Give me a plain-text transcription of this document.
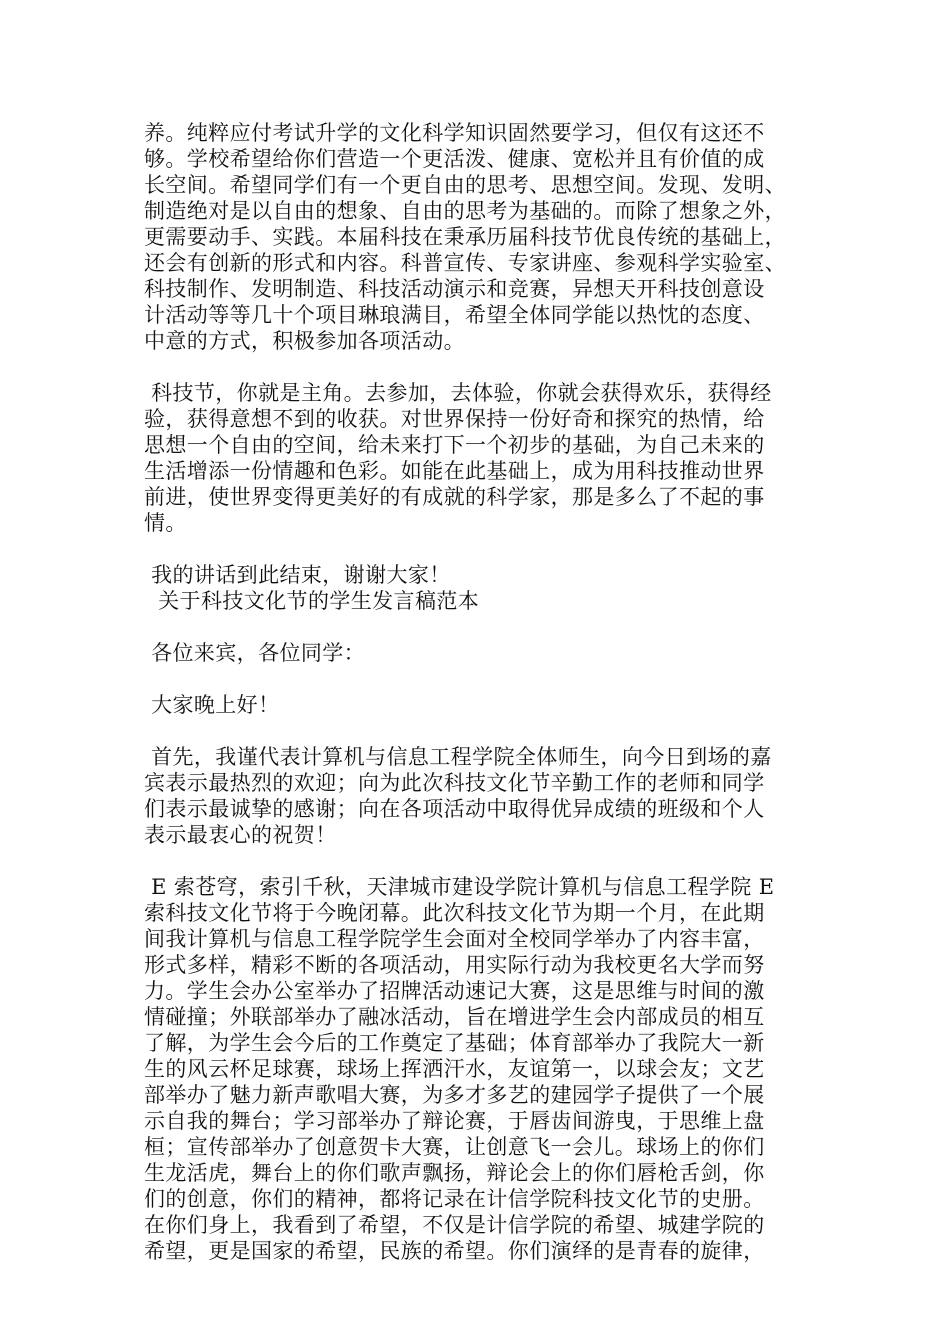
养。纯粹应付考试升学的文化科学知识固然要学习，但仅有这还不
够。学校希望给你们营造一个更活泼、健康、宽松并且有价值的成
长空间。希望同学们有一个更自由的思考、思想空间。发现、发明、
制造绝对是以自由的想象、自由的思考为基础的。而除了想象之外，
更需要动手、实践。本届科技在秉承历届科技节优良传统的基础上，
还会有创新的形式和内容。科普宣传、专家讲座、参观科学实验室、
科技制作、发明制造、科技活动演示和竞赛，异想天开科技创意设
计活动等等几十个项目琳琅满目，希望全体同学能以热忱的态度、
中意的方式，积极参加各项活动。
科技节，你就是主角。去参加，去体验，你就会获得欢乐，获得经
验，获得意想不到的收获。对世界保持一份好奇和探究的热情，给
思想一个自由的空间，给未来打下一个初步的基础，为自己未来的
生活增添一份情趣和色彩。如能在此基础上，成为用科技推动世界
前进，使世界变得更美好的有成就的科学家，那是多么了不起的事
情。
我的讲话到此结束，谢谢大家！
关于科技文化节的学生发言稿范本
各位来宾，各位同学：
大家晚上好！
首先，我谨代表计算机与信息工程学院全体师生，向今日到场的嘉
宾表示最热烈的欢迎；向为此次科技文化节辛勤工作的老师和同学
们表示最诚挚的感谢；向在各项活动中取得优异成绩的班级和个人
表示最衷心的祝贺！
E 索苍穹，索引千秋，天津城市建设学院计算机与信息工程学院 E
索科技文化节将于今晚闭幕。此次科技文化节为期一个月，在此期
间我计算机与信息工程学院学生会面对全校同学举办了内容丰富，
形式多样，精彩不断的各项活动，用实际行动为我校更名大学而努
力。学生会办公室举办了招牌活动速记大赛，这是思维与时间的激
情碰撞；外联部举办了融冰活动，旨在增进学生会内部成员的相互
了解，为学生会今后的工作奠定了基础；体育部举办了我院大一新
生的风云杯足球赛，球场上挥洒汗水，友谊第一，以球会友；文艺
部举办了魅力新声歌唱大赛，为多才多艺的建园学子提供了一个展
示自我的舞台；学习部举办了辩论赛，于唇齿间游曳，于思维上盘
桓；宣传部举办了创意贺卡大赛，让创意飞一会儿。球场上的你们
生龙活虎，舞台上的你们歌声飘扬，辩论会上的你们唇枪舌剑，你
们的创意，你们的精神，都将记录在计信学院科技文化节的史册。
在你们身上，我看到了希望，不仅是计信学院的希望、城建学院的
希望，更是国家的希望，民族的希望。你们演绎的是青春的旋律，
